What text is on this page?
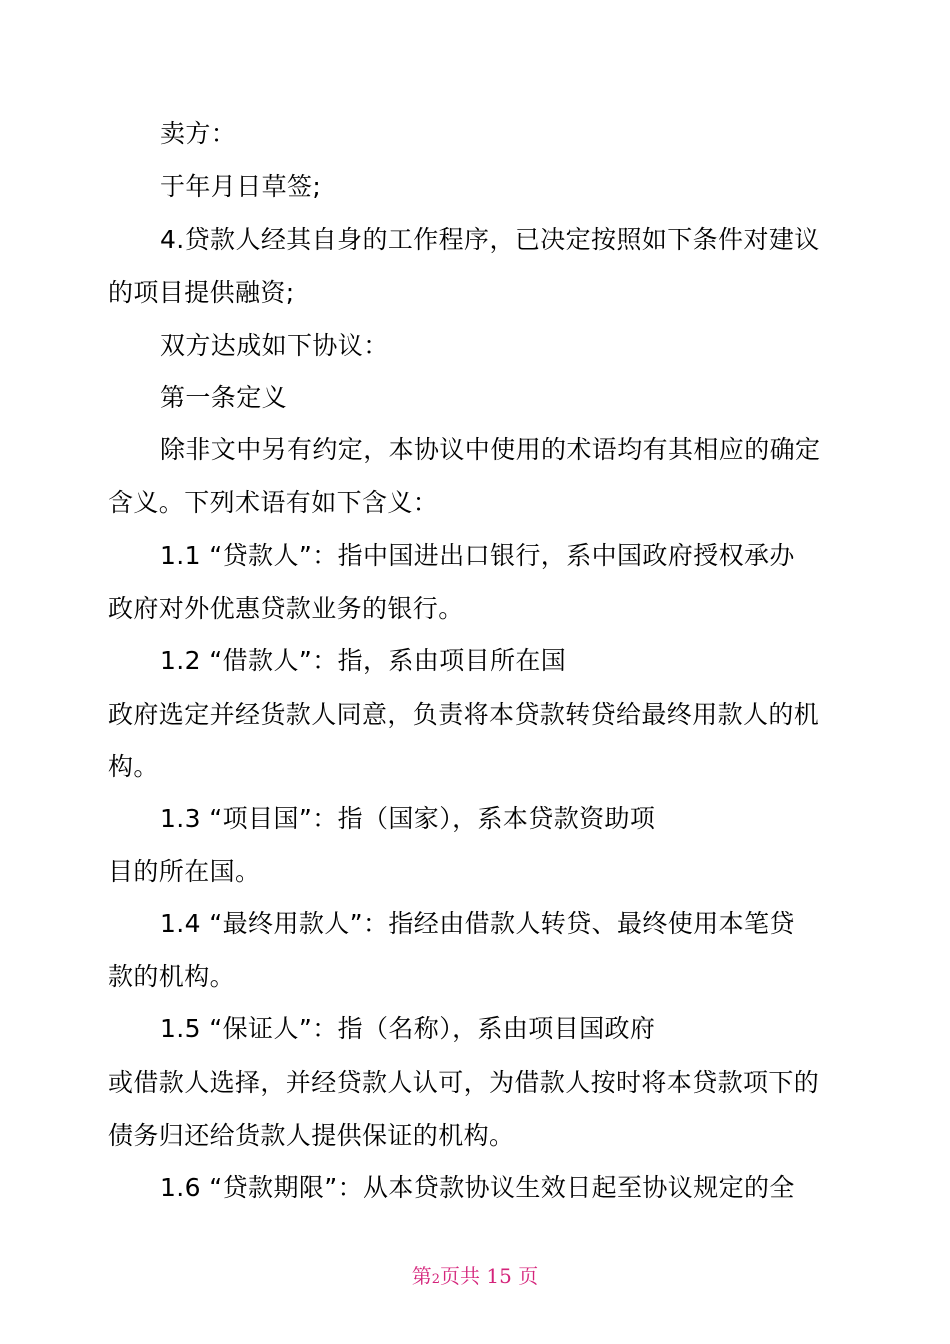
卖方：
于年月日草签;
4.贷款人经其自身的工作程序，已决定按照如下条件对建议
的项目提供融资;
双方达成如下协议：
第一条定义
除非文中另有约定，本协议中使用的术语均有其相应的确定
含义。下列术语有如下含义：
1.1 “贷款人”：指中国进出口银行，系中国政府授权承办
政府对外优惠贷款业务的银行。
1.2 “借款人”：指，系由项目所在国
政府选定并经货款人同意，负责将本贷款转贷给最终用款人的机
构。
1.3 “项目国”：指（国家），系本贷款资助项
目的所在国。
1.4 “最终用款人”：指经由借款人转贷、最终使用本笔贷
款的机构。
1.5 “保证人”：指（名称），系由项目国政府
或借款人选择，并经贷款人认可，为借款人按时将本贷款项下的
债务归还给货款人提供保证的机构。
1.6 “贷款期限”：从本贷款协议生效日起至协议规定的全
第2页共 15 页
